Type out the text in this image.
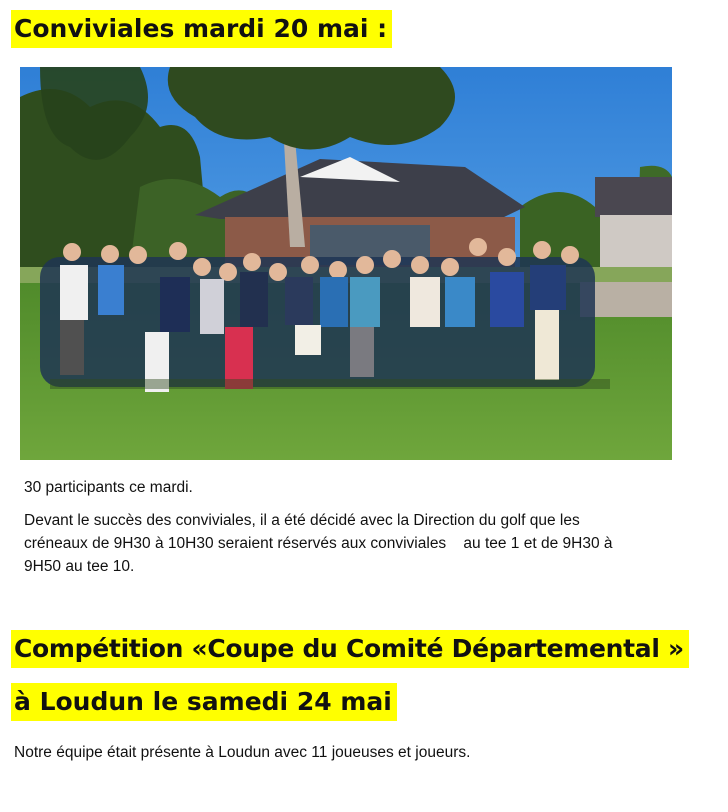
Conviviales mardi 20 mai :
30 participants ce mardi.
Devant le succès des conviviales, il a été décidé avec la Direction du golf que les
créneaux de 9H30 à 10H30 seraient réservés aux conviviales    au tee 1 et de 9H30 à
9H50 au tee 10.
Compétition «Coupe du Comité Départemental »
à Loudun le samedi 24 mai
Notre équipe était présente à Loudun avec 11 joueuses et joueurs.
